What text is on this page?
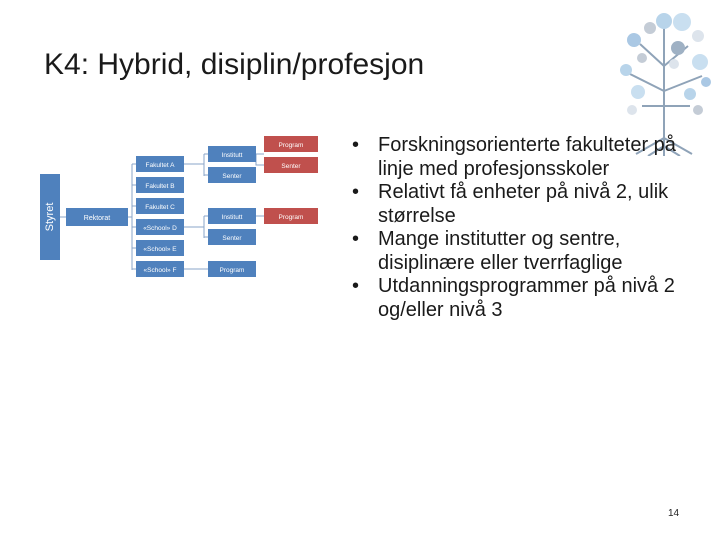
K4: Hybrid, disiplin/profesjon
Styret	Rektorat
Fakultet A
Fakultet B
Fakultet C
«School» D
«School» E
«School» F
Institutt
Senter
Institutt
Senter
Program
Program
Senter
Program
• Forskningsorienterte fakulteter på linje med profesjonsskoler
• Relativt få enheter på nivå 2, ulik størrelse
• Mange institutter og sentre, disiplinære eller tverrfaglige
• Utdanningsprogrammer på nivå 2 og/eller nivå 3
14
